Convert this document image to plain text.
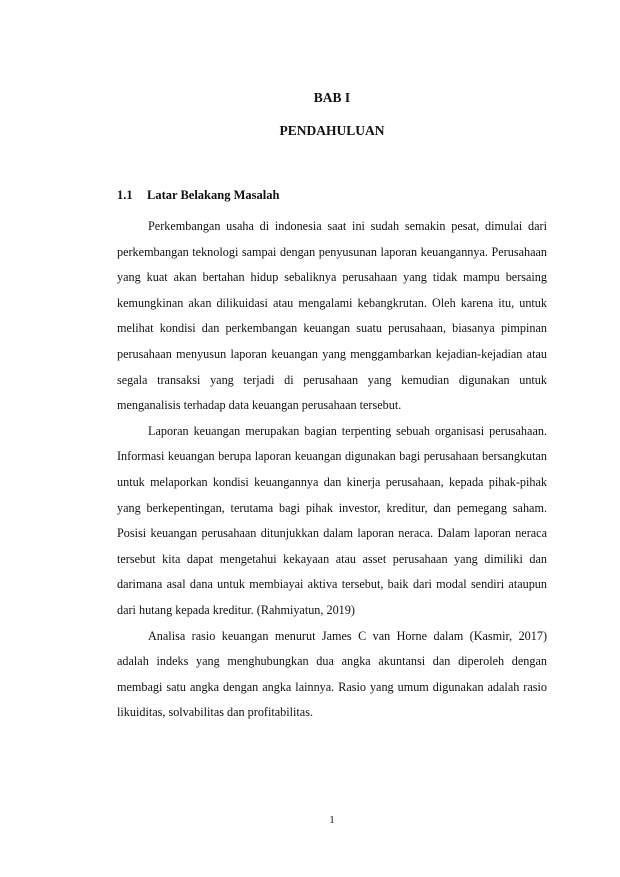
BAB I
PENDAHULUAN
1.1 Latar Belakang Masalah

Perkembangan usaha di indonesia saat ini sudah semakin pesat, dimulai dari perkembangan teknologi sampai dengan penyusunan laporan keuangannya. Perusahaan yang kuat akan bertahan hidup sebaliknya perusahaan yang tidak mampu bersaing kemungkinan akan dilikuidasi atau mengalami kebangkrutan. Oleh karena itu, untuk melihat kondisi dan perkembangan keuangan suatu perusahaan, biasanya pimpinan perusahaan menyusun laporan keuangan yang menggambarkan kejadian-kejadian atau segala transaksi yang terjadi di perusahaan yang kemudian digunakan untuk menganalisis terhadap data keuangan perusahaan tersebut.

Laporan keuangan merupakan bagian terpenting sebuah organisasi perusahaan. Informasi keuangan berupa laporan keuangan digunakan bagi perusahaan bersangkutan untuk melaporkan kondisi keuangannya dan kinerja perusahaan, kepada pihak-pihak yang berkepentingan, terutama bagi pihak investor, kreditur, dan pemegang saham. Posisi keuangan perusahaan ditunjukkan dalam laporan neraca. Dalam laporan neraca tersebut kita dapat mengetahui kekayaan atau asset perusahaan yang dimiliki dan darimana asal dana untuk membiayai aktiva tersebut, baik dari modal sendiri ataupun dari hutang kepada kreditur. (Rahmiyatun, 2019)

Analisa rasio keuangan menurut James C van Horne dalam (Kasmir, 2017) adalah indeks yang menghubungkan dua angka akuntansi dan diperoleh dengan membagi satu angka dengan angka lainnya. Rasio yang umum digunakan adalah rasio likuiditas, solvabilitas dan profitabilitas.

1
